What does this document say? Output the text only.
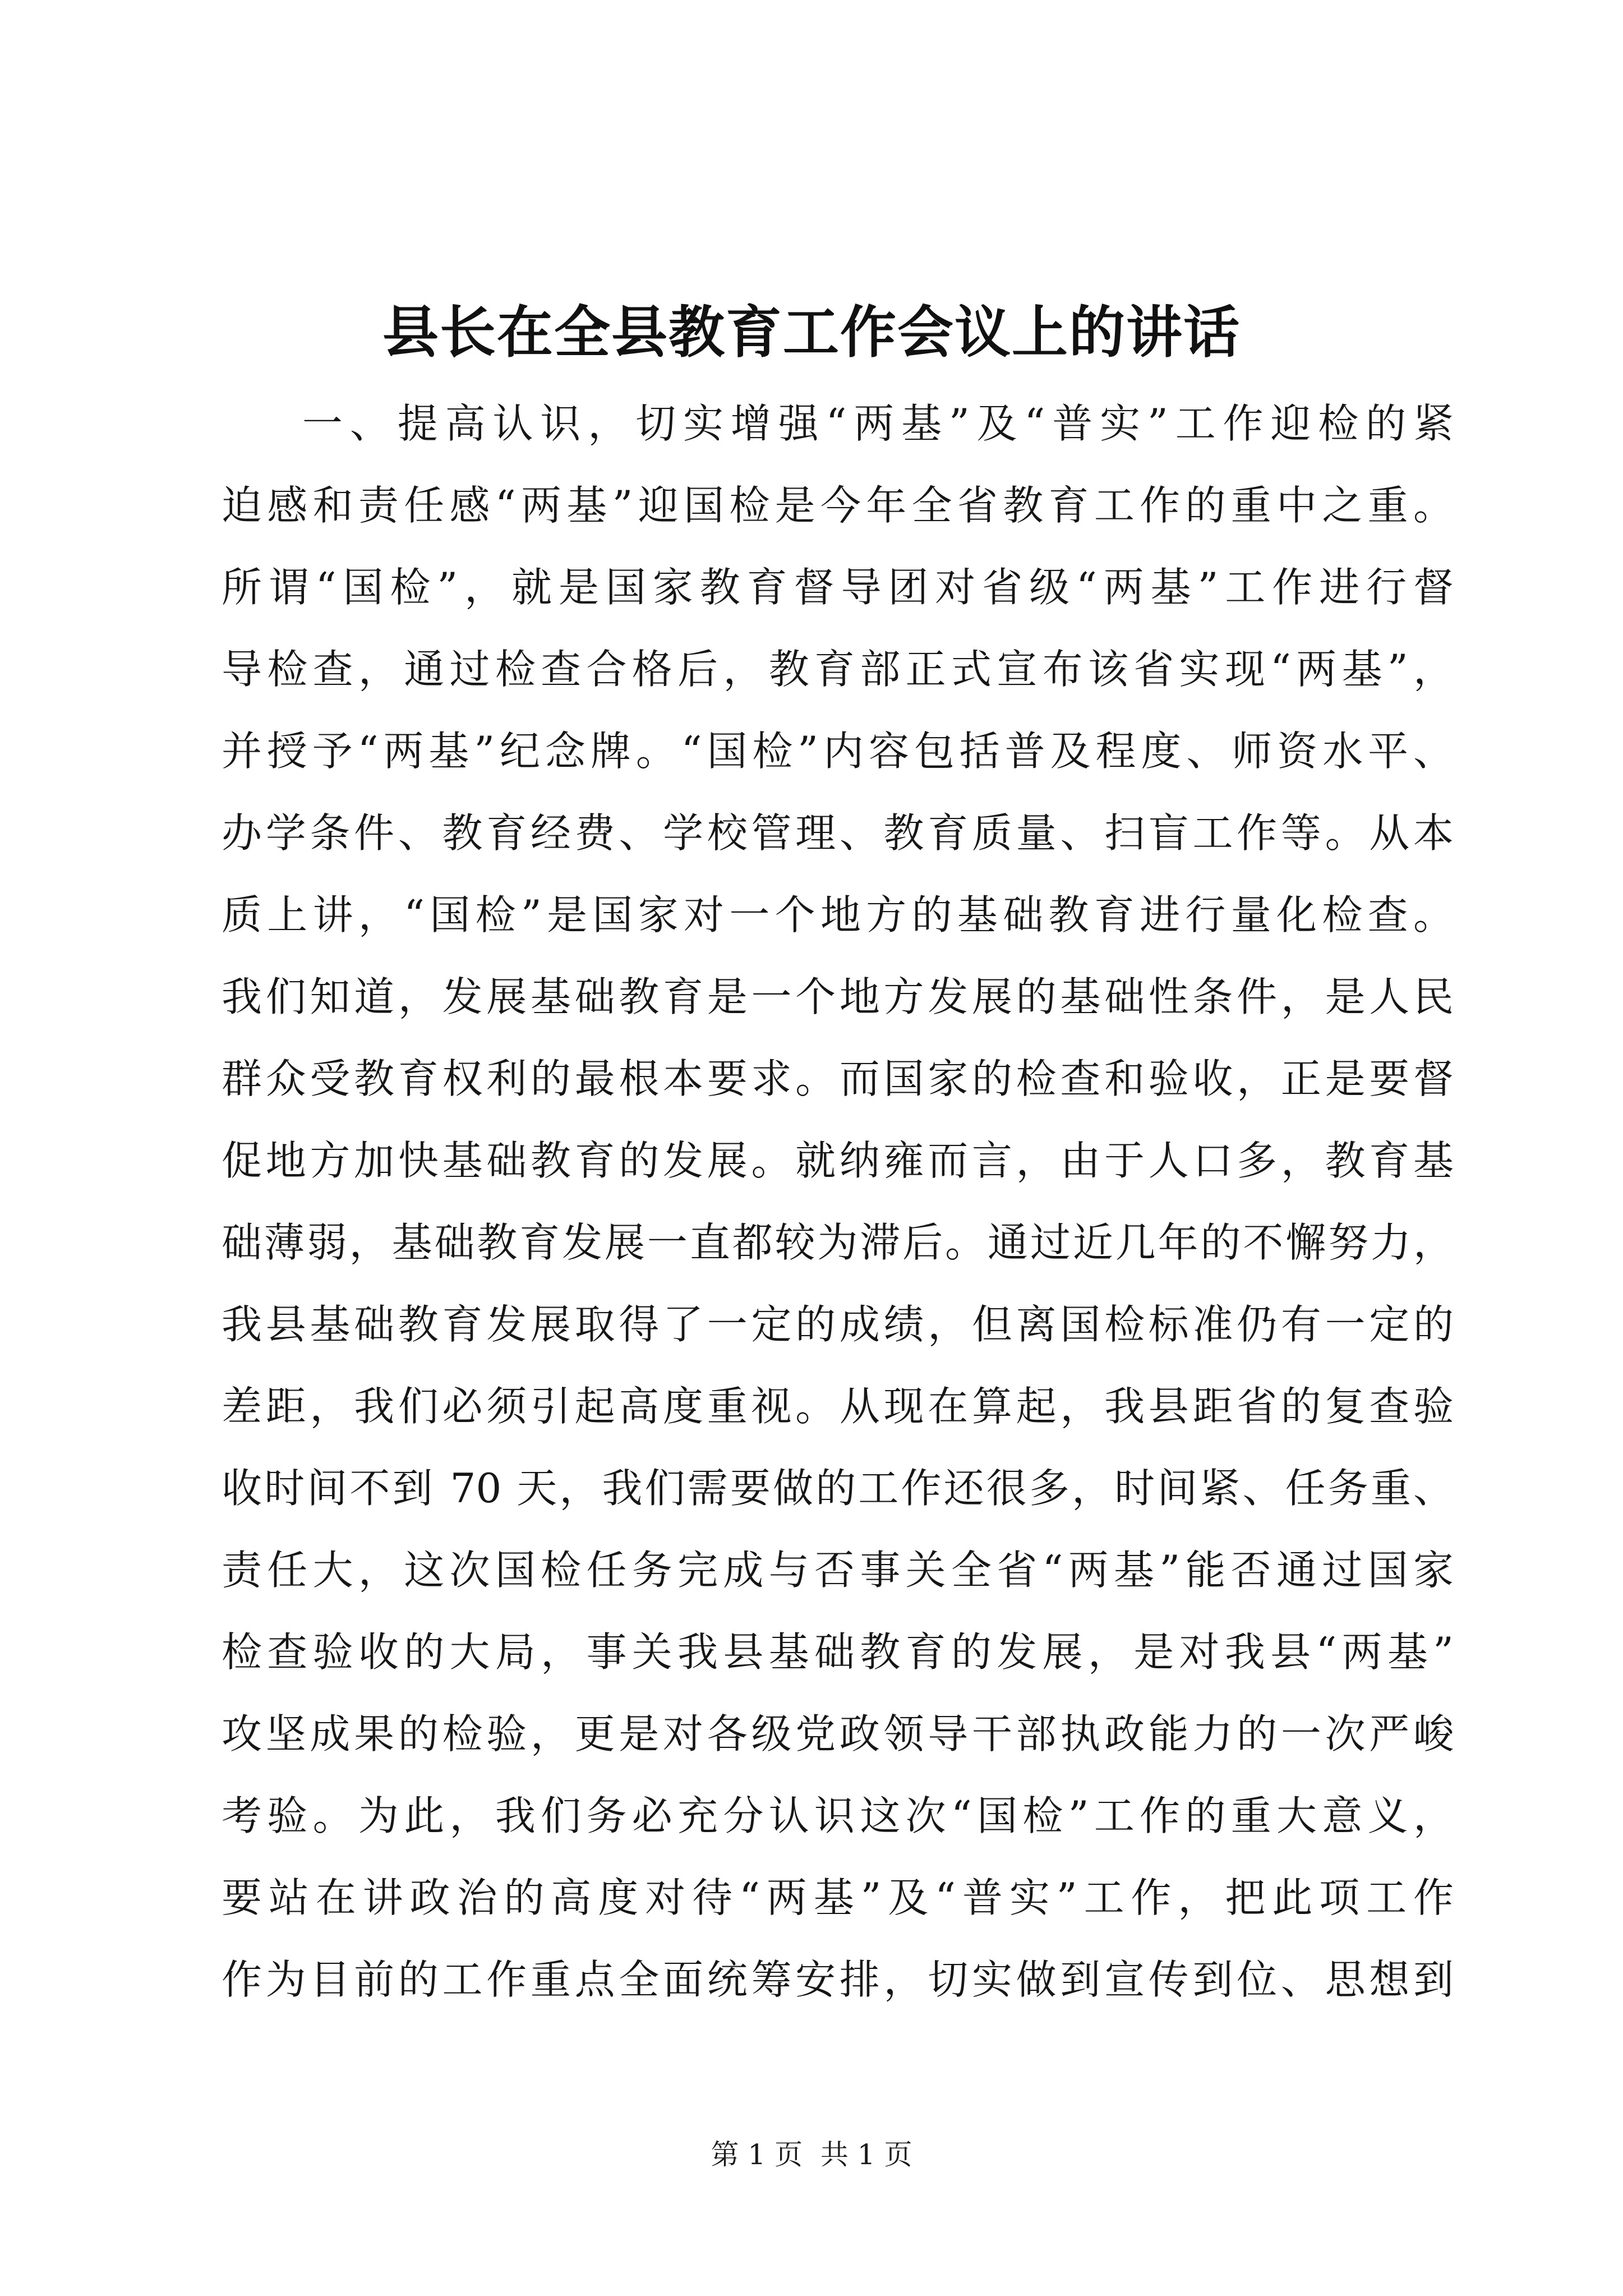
县长在全县教育工作会议上的讲话
一、提高认识，切实增强“两基”及“普实”工作迎检的紧
迫感和责任感“两基”迎国检是今年全省教育工作的重中之重。
所谓“国检”，就是国家教育督导团对省级“两基”工作进行督
导检查，通过检查合格后，教育部正式宣布该省实现“两基”，
并授予“两基”纪念牌。“国检”内容包括普及程度、师资水平、
办学条件、教育经费、学校管理、教育质量、扫盲工作等。从本
质上讲，“国检”是国家对一个地方的基础教育进行量化检查。
我们知道，发展基础教育是一个地方发展的基础性条件，是人民
群众受教育权利的最根本要求。而国家的检查和验收，正是要督
促地方加快基础教育的发展。就纳雍而言，由于人口多，教育基
础薄弱，基础教育发展一直都较为滞后。通过近几年的不懈努力，
我县基础教育发展取得了一定的成绩，但离国检标准仍有一定的
差距，我们必须引起高度重视。从现在算起，我县距省的复查验
收时间不到 70 天，我们需要做的工作还很多，时间紧、任务重、
责任大，这次国检任务完成与否事关全省“两基”能否通过国家
检查验收的大局，事关我县基础教育的发展，是对我县“两基”
攻坚成果的检验，更是对各级党政领导干部执政能力的一次严峻
考验。为此，我们务必充分认识这次“国检”工作的重大意义，
要站在讲政治的高度对待“两基”及“普实”工作，把此项工作
作为目前的工作重点全面统筹安排，切实做到宣传到位、思想到
第 1 页  共 1 页
